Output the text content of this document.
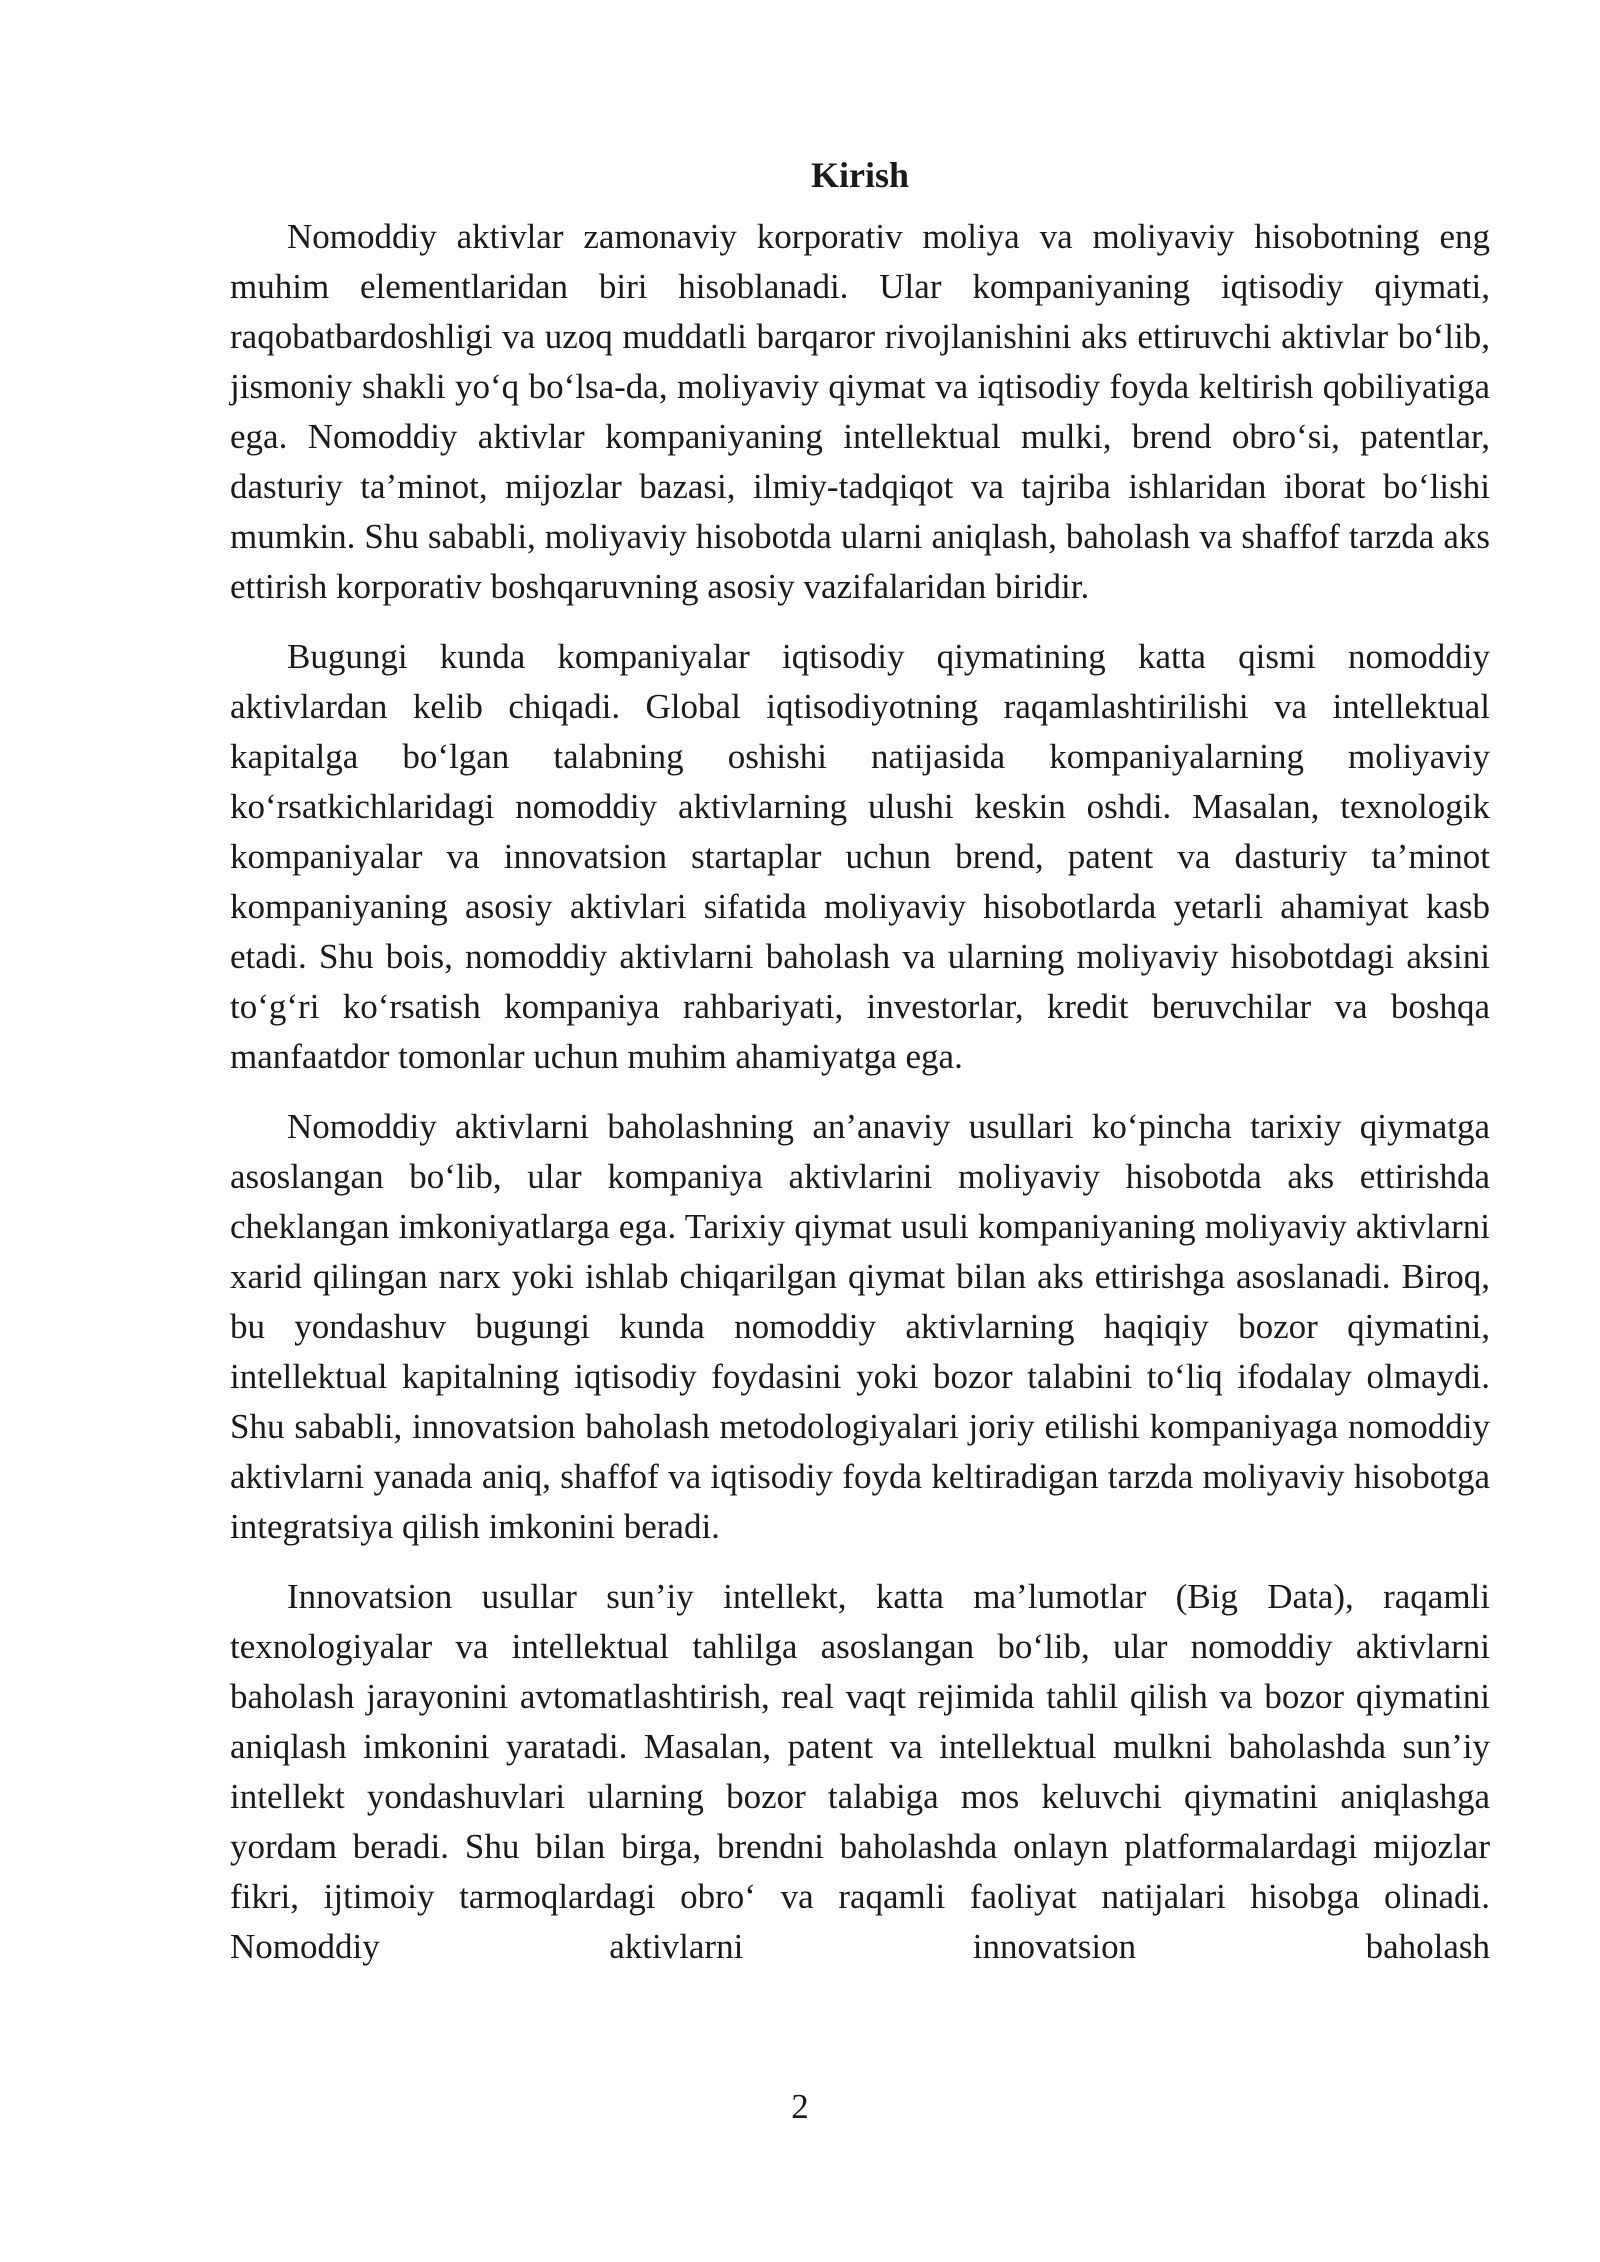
Kirish

Nomoddiy aktivlar zamonaviy korporativ moliya va moliyaviy hisobotning eng muhim elementlaridan biri hisoblanadi. Ular kompaniyaning iqtisodiy qiymati, raqobatbardoshligi va uzoq muddatli barqaror rivojlanishini aks ettiruvchi aktivlar bo‘lib, jismoniy shakli yo‘q bo‘lsa-da, moliyaviy qiymat va iqtisodiy foyda keltirish qobiliyatiga ega. Nomoddiy aktivlar kompaniyaning intellektual mulki, brend obro‘si, patentlar, dasturiy ta’minot, mijozlar bazasi, ilmiy-tadqiqot va tajriba ishlaridan iborat bo‘lishi mumkin. Shu sababli, moliyaviy hisobotda ularni aniqlash, baholash va shaffof tarzda aks ettirish korporativ boshqaruvning asosiy vazifalaridan biridir.

Bugungi kunda kompaniyalar iqtisodiy qiymatining katta qismi nomoddiy aktivlardan kelib chiqadi. Global iqtisodiyotning raqamlashtirilishi va intellektual kapitalga bo‘lgan talabning oshishi natijasida kompaniyalarning moliyaviy ko‘rsatkichlaridagi nomoddiy aktivlarning ulushi keskin oshdi. Masalan, texnologik kompaniyalar va innovatsion startaplar uchun brend, patent va dasturiy ta’minot kompaniyaning asosiy aktivlari sifatida moliyaviy hisobotlarda yetarli ahamiyat kasb etadi. Shu bois, nomoddiy aktivlarni baholash va ularning moliyaviy hisobotdagi aksini to‘g‘ri ko‘rsatish kompaniya rahbariyati, investorlar, kredit beruvchilar va boshqa manfaatdor tomonlar uchun muhim ahamiyatga ega.

Nomoddiy aktivlarni baholashning an’anaviy usullari ko‘pincha tarixiy qiymatga asoslangan bo‘lib, ular kompaniya aktivlarini moliyaviy hisobotda aks ettirishda cheklangan imkoniyatlarga ega. Tarixiy qiymat usuli kompaniyaning moliyaviy aktivlarni xarid qilingan narx yoki ishlab chiqarilgan qiymat bilan aks ettirishga asoslanadi. Biroq, bu yondashuv bugungi kunda nomoddiy aktivlarning haqiqiy bozor qiymatini, intellektual kapitalning iqtisodiy foydasini yoki bozor talabini to‘liq ifodalay olmaydi. Shu sababli, innovatsion baholash metodologiyalari joriy etilishi kompaniyaga nomoddiy aktivlarni yanada aniq, shaffof va iqtisodiy foyda keltiradigan tarzda moliyaviy hisobotga integratsiya qilish imkonini beradi.

Innovatsion usullar sun’iy intellekt, katta ma’lumotlar (Big Data), raqamli texnologiyalar va intellektual tahlilga asoslangan bo‘lib, ular nomoddiy aktivlarni baholash jarayonini avtomatlashtirish, real vaqt rejimida tahlil qilish va bozor qiymatini aniqlash imkonini yaratadi. Masalan, patent va intellektual mulkni baholashda sun’iy intellekt yondashuvlari ularning bozor talabiga mos keluvchi qiymatini aniqlashga yordam beradi. Shu bilan birga, brendni baholashda onlayn platformalardagi mijozlar fikri, ijtimoiy tarmoqlardagi obro‘ va raqamli faoliyat natijalari hisobga olinadi. Nomoddiy aktivlarni innovatsion baholash

2
